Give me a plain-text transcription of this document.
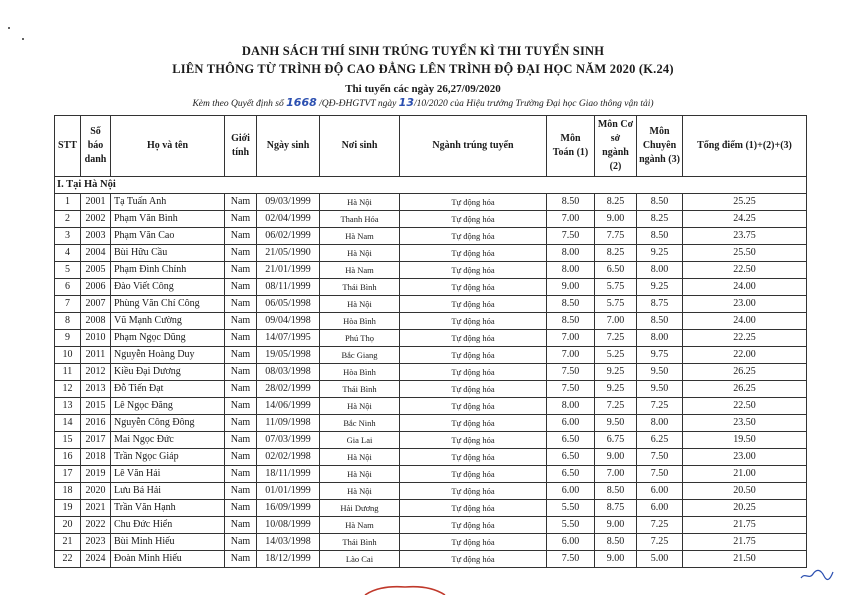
DANH SÁCH THÍ SINH TRÚNG TUYỂN KÌ THI TUYỂN SINH
LIÊN THÔNG TỪ TRÌNH ĐỘ CAO ĐẲNG LÊN TRÌNH ĐỘ ĐẠI HỌC NĂM 2020 (K.24)
Thi tuyển các ngày 26,27/09/2020
Kèm theo Quyết định số 1668 /QĐ-ĐHGTVT ngày 13/10/2020 của Hiệu trưởng Trường Đại học Giao thông vận tải)
STT	Số báo danh	Họ và tên	Giới tính	Ngày sinh	Nơi sinh	Ngành trúng tuyển	Môn Toán (1)	Môn Cơ sở ngành (2)	Môn Chuyên ngành (3)	Tổng điểm (1)+(2)+(3)
I. Tại Hà Nội										
1	2001	Tạ Tuấn Anh	Nam	09/03/1999	Hà Nội	Tự động hóa	8.50	8.25	8.50	25.25
2	2002	Phạm Văn Bình	Nam	02/04/1999	Thanh Hóa	Tự động hóa	7.00	9.00	8.25	24.25
3	2003	Phạm Văn Cao	Nam	06/02/1999	Hà Nam	Tự động hóa	7.50	7.75	8.50	23.75
4	2004	Bùi Hữu Cầu	Nam	21/05/1990	Hà Nội	Tự động hóa	8.00	8.25	9.25	25.50
5	2005	Phạm Đình Chính	Nam	21/01/1999	Hà Nam	Tự động hóa	8.00	6.50	8.00	22.50
6	2006	Đào Viết Công	Nam	08/11/1999	Thái Bình	Tự động hóa	9.00	5.75	9.25	24.00
7	2007	Phùng Văn Chí Công	Nam	06/05/1998	Hà Nội	Tự động hóa	8.50	5.75	8.75	23.00
8	2008	Vũ Mạnh Cường	Nam	09/04/1998	Hòa Bình	Tự động hóa	8.50	7.00	8.50	24.00
9	2010	Phạm Ngọc Dũng	Nam	14/07/1995	Phú Thọ	Tự động hóa	7.00	7.25	8.00	22.25
10	2011	Nguyễn Hoàng Duy	Nam	19/05/1998	Bắc Giang	Tự động hóa	7.00	5.25	9.75	22.00
11	2012	Kiều Đại Dương	Nam	08/03/1998	Hòa Bình	Tự động hóa	7.50	9.25	9.50	26.25
12	2013	Đỗ Tiến Đạt	Nam	28/02/1999	Thái Bình	Tự động hóa	7.50	9.25	9.50	26.25
13	2015	Lê Ngọc Đăng	Nam	14/06/1999	Hà Nội	Tự động hóa	8.00	7.25	7.25	22.50
14	2016	Nguyễn Công Đông	Nam	11/09/1998	Bắc Ninh	Tự động hóa	6.00	9.50	8.00	23.50
15	2017	Mai Ngọc Đức	Nam	07/03/1999	Gia Lai	Tự động hóa	6.50	6.75	6.25	19.50
16	2018	Trần Ngọc Giáp	Nam	02/02/1998	Hà Nội	Tự động hóa	6.50	9.00	7.50	23.00
17	2019	Lê Văn Hải	Nam	18/11/1999	Hà Nội	Tự động hóa	6.50	7.00	7.50	21.00
18	2020	Lưu Bá Hải	Nam	01/01/1999	Hà Nội	Tự động hóa	6.00	8.50	6.00	20.50
19	2021	Trần Văn Hạnh	Nam	16/09/1999	Hải Dương	Tự động hóa	5.50	8.75	6.00	20.25
20	2022	Chu Đức Hiển	Nam	10/08/1999	Hà Nam	Tự động hóa	5.50	9.00	7.25	21.75
21	2023	Bùi Minh Hiếu	Nam	14/03/1998	Thái Bình	Tự động hóa	6.00	8.50	7.25	21.75
22	2024	Đoàn Minh Hiếu	Nam	18/12/1999	Lào Cai	Tự động hóa	7.50	9.00	5.00	21.50
